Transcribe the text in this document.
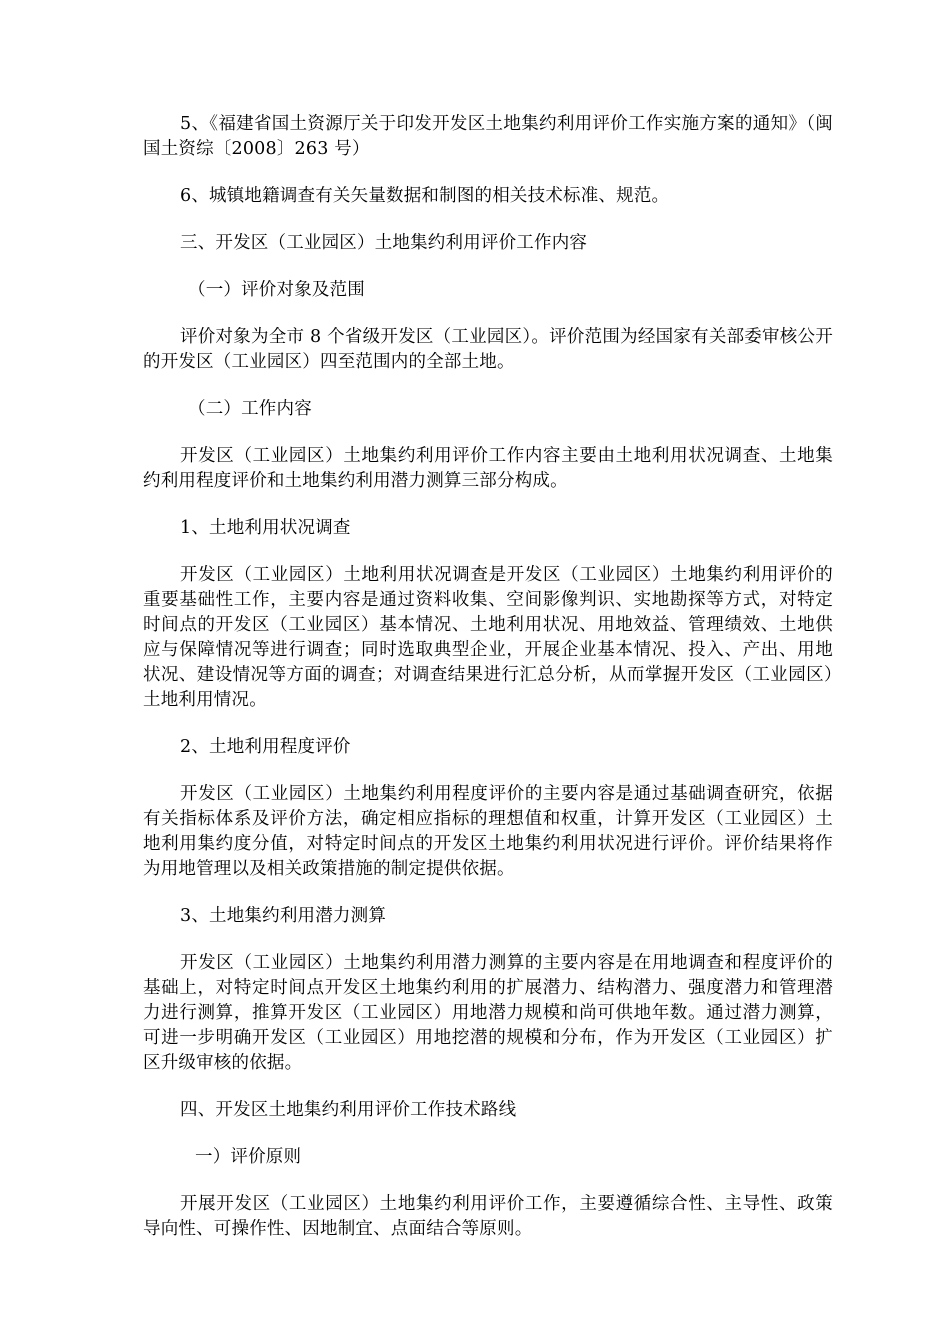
5、《福建省国土资源厅关于印发开发区土地集约利用评价工作实施方案的通知》（闽国土资综〔2008〕263 号）

6、城镇地籍调查有关矢量数据和制图的相关技术标准、规范。

三、开发区（工业园区）土地集约利用评价工作内容

（一）评价对象及范围

评价对象为全市 8 个省级开发区（工业园区）。评价范围为经国家有关部委审核公开的开发区（工业园区）四至范围内的全部土地。

（二）工作内容

开发区（工业园区）土地集约利用评价工作内容主要由土地利用状况调查、土地集约利用程度评价和土地集约利用潜力测算三部分构成。

1、土地利用状况调查

开发区（工业园区）土地利用状况调查是开发区（工业园区）土地集约利用评价的重要基础性工作，主要内容是通过资料收集、空间影像判识、实地勘探等方式，对特定时间点的开发区（工业园区）基本情况、土地利用状况、用地效益、管理绩效、土地供应与保障情况等进行调查；同时选取典型企业，开展企业基本情况、投入、产出、用地状况、建设情况等方面的调查；对调查结果进行汇总分析，从而掌握开发区（工业园区）土地利用情况。

2、土地利用程度评价

开发区（工业园区）土地集约利用程度评价的主要内容是通过基础调查研究，依据有关指标体系及评价方法，确定相应指标的理想值和权重，计算开发区（工业园区）土地利用集约度分值，对特定时间点的开发区土地集约利用状况进行评价。评价结果将作为用地管理以及相关政策措施的制定提供依据。

3、土地集约利用潜力测算

开发区（工业园区）土地集约利用潜力测算的主要内容是在用地调查和程度评价的基础上，对特定时间点开发区土地集约利用的扩展潜力、结构潜力、强度潜力和管理潜力进行测算，推算开发区（工业园区）用地潜力规模和尚可供地年数。通过潜力测算，可进一步明确开发区（工业园区）用地挖潜的规模和分布，作为开发区（工业园区）扩区升级审核的依据。

四、开发区土地集约利用评价工作技术路线

一）评价原则

开展开发区（工业园区）土地集约利用评价工作，主要遵循综合性、主导性、政策导向性、可操作性、因地制宜、点面结合等原则。
